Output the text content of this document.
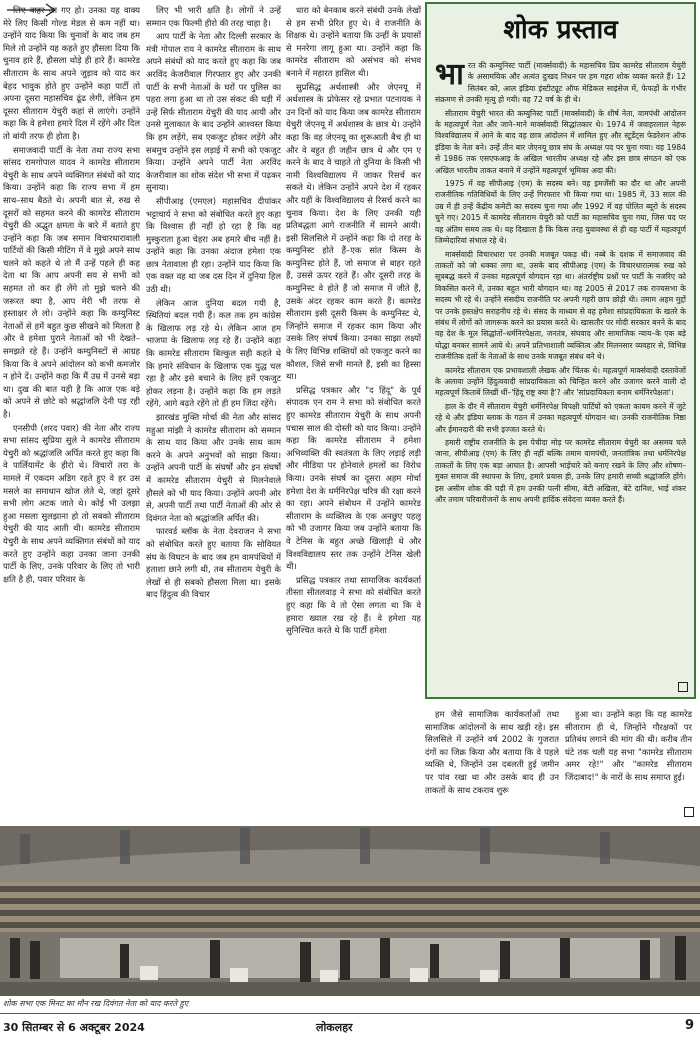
लिए बाहर आ गए हो। उनका यह वाक्य मेरे लिए किसी गोल्ड मेडल से कम नहीं था। उन्होंने याद किया कि चुनावों के बाद जब हम मिले तो उन्होंने यह कहते हुए हौसला दिया कि चुनाव हारे हैं, हौसला थोड़े ही हारे हैं। कामरेड सीताराम के साथ अपने जुड़ाव को याद कर बेहद भावुक होते हुए उन्होंने कहा पार्टी तो अपना दूसरा महासचिव ढूंढ लेगी, लेकिन हम दूसरा सीताराम येचुरी कहां से लाएंगे। उन्होंने कहा कि वे हमेशा हमारे दिल में रहेंगे और दिल तो बांयी तरफ ही होता है।

समाजवादी पार्टी के नेता तथा राज्य सभा सांसद रामगोपाल यादव ने कामरेड सीताराम येचुरी के साथ अपने व्यक्तिगत संबंधों को याद किया। उन्होंने कहा कि राज्य सभा में हम साथ–साथ बैठते थे। अपनी बात से, रुख से दूसरों को सहमत करने की कामरेड सीताराम येचुरी की अद्भुत क्षमता के बारे में बताते हुए उन्होंने कहा कि जब समान विचारधारावाली पार्टियों की किसी मीटिंग में वे मुझे अपने साथ चलने को कहते थे तो मैं उन्हें पहले ही कह देता था कि आप अपनी सय से सभी को सहमत तो कर ही लेंगे तो मुझे चलने की जरूरत क्या है, आप मेरी भी तरफ से हस्ताक्षर ले लो। उन्होंने कहा कि कम्युनिस्ट नेताओं से हमें बहुत कुछ सीखने को मिलता है और वे हमेशा पुराने नेताओं को भी देखते–समझते रहे हैं। उन्होंने कम्युनिस्टों से आग्रह किया कि वे अपने आंदोलन को कभी कमजोर न होने दें। उन्होंने कहा कि मैं उम्र में उनसे बड़ा था। दुख की बात यही है कि आज एक बड़े को अपने से छोटे को श्रद्धांजलि देनी पड़ रही है।

एनसीपी (शरद पवार) की नेता और राज्य सभा सांसद सुप्रिया सुले ने कामरेड सीताराम येचुरी को श्रद्धांजलि अर्पित करते हुए कहा कि वे पार्लियामेंट के हीरो थे। विचारों तरा के मामले में एकदम अडिग रहते हुए वे हर उस मसले का समाधान खोज लेते थे, जहां दूसरे सभी लोग अटक जाते थे। कोई भी उलझा हुआ मसला सुलझाना हो तो सबको सीताराम येचुरी की याद आती थी। कामरेड सीताराम येचुरी के साथ अपने व्यक्तिगत संबंधों को याद करते हुए उन्होंने कहा उनका जाना उनकी पार्टी के लिए, उनके परिवार के लिए तो भारी क्षति है ही, पवार परिवार के

लिए भी भारी क्षति है। लोगों ने उन्हें सम्मान एक फिल्मी हीरो की तरह चाहा है।

आप पार्टी के नेता और दिल्ली सरकार के मंत्री गोपाल राय ने कामरेड सीताराम के साथ अपने संबंधों को याद करते हुए कहा कि जब अरविंद केजरीवाल गिरफ्तार हुए और उनकी पार्टी के सभी नेताओं के घरों पर पुलिस का पहरा लगा हुआ था तो उस संकट की घड़ी में उन्हें सिर्फ सीताराम येचुरी की याद आयी और उनसे मुलाकात के बाद उन्होंने आश्वस्त किया कि हम लड़ेंगे, सब एकजुट होकर लड़ेंगे और सबमुच उन्होंने इस लड़ाई में सभी को एकजुट किया। उन्होंने अपने पार्टी नेता अरविंद केजरीवाल का शोक संदेश भी सभा में पढ़कर सुनाया।

सीपीआइ (एमएल) महासचिव दीपांकर भट्टाचार्य ने सभा को संबोधित करते हुए कहा कि विश्वास ही नहीं हो रहा है कि वह मुस्कुराता हुआ चेहरा अब हमारे बीच नहीं है। उन्होंने कहा कि उनका अंदाज हमेशा एक छात्र नेतावाला ही रहा। उन्होंने याद किया कि एक वक्त वह था जब दस दिन में दुनिया हिल उठी थी।

लेकिन आज दुनिया बदल गयी है, स्थितियां बदल गयी हैं। कल तक हम कांग्रेस के खिलाफ लड़ रहे थे। लेकिन आज हम भाजपा के खिलाफ लड़ रहे हैं। उन्होंने कहा कि कामरेड सीताराम बिल्कुल सही कहते थे कि हमारे संविधान के खिलाफ एक युद्ध चल रहा है और इसे बचाने के लिए हमें एकजुट होकर लड़ना है। उन्होंने कहा कि हम लड़ते रहेंगे, आगे बढ़ते रहेंगे तो ही हम जिंदा रहेंगे।

झारखंड मुक्ति मोर्चा की नेता और सांसद महुआ मांझी ने कामरेड सीताराम को सम्मान के साथ याद किया और उनके साथ काम करने के अपने अनुभवों को साझा किया। उन्होंने अपनी पार्टी के संघर्षों और इन संघर्षों में कामरेड सीताराम येचुरी से मिलनेवाले हौसले को भी याद किया। उन्होंने अपनी ओर से, अपनी पार्टी तथा पार्टी नेताओं की ओर से दिवंगत नेता को श्रद्धांजलि अर्पित की।

फारवर्ड ब्लॉक के नेता देवराजन ने सभा को संबोधित करते हुए बताया कि सोवियत संघ के विघटन के बाद जब हम वामपंथियों में हताशा छाने लगी थी, तब सीताराम येचुरी के लेखों से ही सबको हौसला मिला था। इसके बाद हिंदुत्व की विचार

धारा को बेनकाब करने संबंधी उनके लेखों से हम सभी प्रेरित हुए थे। वे राजनीति के शिक्षक थे। उन्होंने बताया कि उन्हीं के प्रयासों से मनरेगा लागू हुआ था। उन्होंने कहा कि कामरेड सीताराम को असंभव को संभव बनाने में महारत हासिल थी।

सुप्रसिद्ध अर्थशास्त्री और जेएनयू में अर्थशास्त्र के प्रोफेसर रहे प्रभात पटनायक ने उन दिनों को याद किया जब कामरेड सीताराम येचुरी जेएनयू में अर्थशास्त्र के छात्र थे। उन्होंने कहा कि वह जेएनयू का शुरूआती बैच ही था और वे बहुत ही जहीन छात्र थे और एम ए करने के बाद वे चाहते तो दुनिया के किसी भी नामी विश्वविद्यालय में जाकर रिसर्च कर सकते थे। लेकिन उन्होंने अपने देश में रहकर और यहीं के विश्वविद्यालय से रिसर्च करने का चुनाव किया। देश के लिए उनकी यही प्रतिबद्धता आगे राजनीति में सामने आयी। इसी सिलसिले में उन्होंने कहा कि दो तरह के कम्युनिस्ट होते हैं–एक सांत किस्म के कम्युनिस्ट होते हैं, जो समाज से बाहर रहते हैं, उससे ऊपर रहते हैं। और दूसरी तरह के कम्युनिस्ट वे होते हैं जो समाज में जीते हैं, उसके अंदर रहकर काम करते हैं। कामरेड सीताराम इसी दूसरी किस्म के कम्युनिस्ट थे, जिन्होंने समाज में रहकर काम किया और उसके लिए संघर्ष किया। उनका साझा लक्ष्यों के लिए विभिन्न शक्तियों को एकजुट करने का कौशल, जिसे सभी मानते हैं, इसी का हिस्सा था।

प्रसिद्ध पत्रकार और "द हिंदू" के पूर्व संपादक एन राम ने सभा को संबोधित करते हुए कामरेड सीताराम येचुरी के साथ अपनी पचास साल की दोस्ती को याद किया। उन्होंने कहा कि कामरेड सीताराम ने हमेशा अभिव्यक्ति की स्वतंत्रता के लिए लड़ाई लड़ी और मीडिया पर होनेवाले हमलों का विरोध किया। उनके संघर्ष का दूसरा अहम मोर्चा हमेशा देश के धर्मनिरपेक्ष चरित्र की रक्षा करने का रहा। अपने संबोधन में उन्होंने कामरेड सीताराम के व्यक्तित्व के एक अनछुए पहलू को भी उजागर किया जब उन्होंने बताया कि वे टेनिस के बहुत अच्छे खिलाड़ी थे और विश्वविद्यालय स्तर तक उन्होंने टेनिस खेली थी।

प्रसिद्ध पत्रकार तथा सामाजिक कार्यकर्ता तीस्ता सीतलवाड़ ने सभा को संबोधित करते हुए कहा कि वे तो ऐसा लगता था कि वे हमारा ख्याल रख रहे हैं। वे हमेशा यह सुनिश्चित करते थे कि पार्टी हमेशा

शोक प्रस्ताव

भारत की कम्युनिस्ट पार्टी (मार्क्सवादी) के महासचिव प्रिय कामरेड सीताराम येचुरी के असामयिक और अत्यंत दुःखद निधन पर हम गहरा शोक व्यक्त करते हैं। 12 सितंबर को, आल इंडिया इंस्टीट्यूट ऑफ मेडिकल साइंसेज में, फेफड़ों के गंभीर संक्रमण से उनकी मृत्यु हो गयी। वह 72 वर्ष के ही थे।

सीताराम येचुरी भारत की कम्युनिस्ट पार्टी (मार्क्सवादी) के शीर्ष नेता, वामपंथी आंदोलन के महत्वपूर्ण नेता और जाने–माने मार्क्सवादी सिद्धांतकार थे। 1974 में जवाहरलाल नेहरू विश्वविद्यालय में आने के बाद वह छात्र आंदोलन में शामिल हुए और स्टूडेंट्स फेडरेशन ऑफ इंडिया के नेता बने। उन्हें तीन बार जेएनयू छात्र संघ के अध्यक्ष पद पर चुना गया। वह 1984 से 1986 तक एसएफआइ के अखिल भारतीय अध्यक्ष रहे और इस छात्र संगठन को एक अखिल भारतीय ताकत बनाने में उन्होंने महत्वपूर्ण भूमिका अदा की।

1975 में वह सीपीआइ (एम) के सदस्य बने। वह इमर्जेंसी का दौर था और अपनी राजनीतिक गतिविधियों के लिए उन्हें गिरफ्तार भी किया गया था। 1985 में, 33 साल की उम्र में ही उन्हें केंद्रीय कमेटी का सदस्य चुना गया और 1992 में वह पोलित ब्यूरो के सदस्य चुने गए। 2015 में कामरेड सीताराम येचुरी को पार्टी का महासचिव चुना गया, जिस पद पर वह अंतिम समय तक थे। यह दिखाता है कि किस तरह युवावस्था से ही वह पार्टी में महत्वपूर्ण जिम्मेदारियां संभाल रहे थे।

मार्क्सवादी विचारधारा पर उनकी मजबूत पकड़ थी। नब्बे के दशक में समाजवाद की ताकतों को जो धक्का लगा था, उसके बाद सीपीआइ (एम) के विचारधारात्मक रुख को सूत्रबद्ध करने में उनका महत्वपूर्ण योगदान रहा था। अंतर्राष्ट्रीय प्रश्नों पर पार्टी के नजरिए को विकसित करने में, उनका बहुत भारी योगदान था। वह 2005 से 2017 तक राज्यसभा के सदस्य भी रहे थे। उन्होंने संसदीय राजनीति पर अपनी गहरी छाप छोड़ी थी। तमाम अहम मुद्दों पर उनके हस्तक्षेप सराहनीय रहे थे। संसद के माध्यम से वह हमेशा सांप्रदायिकता के खतरे के संबंध में लोगों को जागरूक करने का प्रयास करते थे। खासतौर पर मोदी सरकार बनने के बाद वह देश के मूल सिद्धांतों–धर्मनिरपेक्षता, जनतंत्र, संघवाद और सामाजिक न्याय–के एक बड़े योद्धा बनकर सामने आये थे। अपने प्रतिभाशाली व्यक्तित्व और मिलनसार व्यवहार से, विभिन्न राजनीतिक दलों के नेताओं के साथ उनके मजबूत संबंध बने थे।

कामरेड सीताराम एक प्रभावशाली लेखक और चिंतक थे। महत्वपूर्ण मार्क्सवादी दस्तावेजों के अलावा उन्होंने हिंदुत्ववादी सांप्रदायिकता को चिन्हित करने और उजागर करने वाली दो महत्वपूर्ण किताबें लिखीं थीं–'हिंदू राष्ट्र क्या है'? और 'सांप्रदायिकता बनाम धर्मनिरपेक्षता'।

हाल के दौर में सीताराम येचुरी धर्मनिरपेक्ष विपक्षी पार्टियों को एकता कायम करने में जुटे रहे थे और इंडिया ब्लाक के गठन में उनका महत्वपूर्ण योगदान था। उनकी राजनीतिक निष्ठा और ईमानदारी की सभी इज्जत करते थे।

हमारी राष्ट्रीय राजनीति के इस पेचीदा मोड़ पर कामरेड सीताराम येचुरी का असमय चले जाना, सीपीआइ (एम) के लिए ही नहीं बल्कि तमाम वामपंथी, जनतांत्रिक तथा धर्मनिरपेक्ष ताकतों के लिए एक बड़ा आघात है। आपसी भाईचारे को बनाए रखने के लिए और शोषण–मुक्त समाज की स्थापना के लिए, हमारे प्रयास ही, उनके लिए हमारी सच्ची श्रद्धांजलि होंगे। इस असीम शोक की घड़ी में हम उनकी पत्नी सीमा, बेटी अखिला, बेटे दानिश, भाई शंकर और तमाम परिवारीजनों के साथ अपनी हार्दिक संवेदना व्यक्त करते हैं।

हम जैसे सामाजिक कार्यकर्ताओं तथा सामाजिक आंदोलनों के साथ खड़ी रहे। इस सिलसिले में उन्होंने वर्ष 2002 के गुजरात दंगों का जिक्र किया और बताया कि वे पहले व्यक्ति थे, जिन्होंने उस दबलती हुई जमीन पर पांव रखा था और उसके बाद ही उन ताकतों के साथ टकराव शुरू

हुआ था। उन्होंने कहा कि यह कामरेड सीताराम ही थे, जिन्होंने गौरक्षकों पर प्रतिबंध लगाने की मांग की थी। करीब तीन घंटे तक चली यह सभा "कामरेड सीताराम अमर रहे!" और "कामरेड सीताराम जिंदाबाद!" के नारों के साथ समाप्त हुई।

शोक सभा एक मिनट का मौन रख दिवंगत नेता को याद करते हुए
30 सितम्बर से 6 अक्टूबर 2024	लोकलहर	9
